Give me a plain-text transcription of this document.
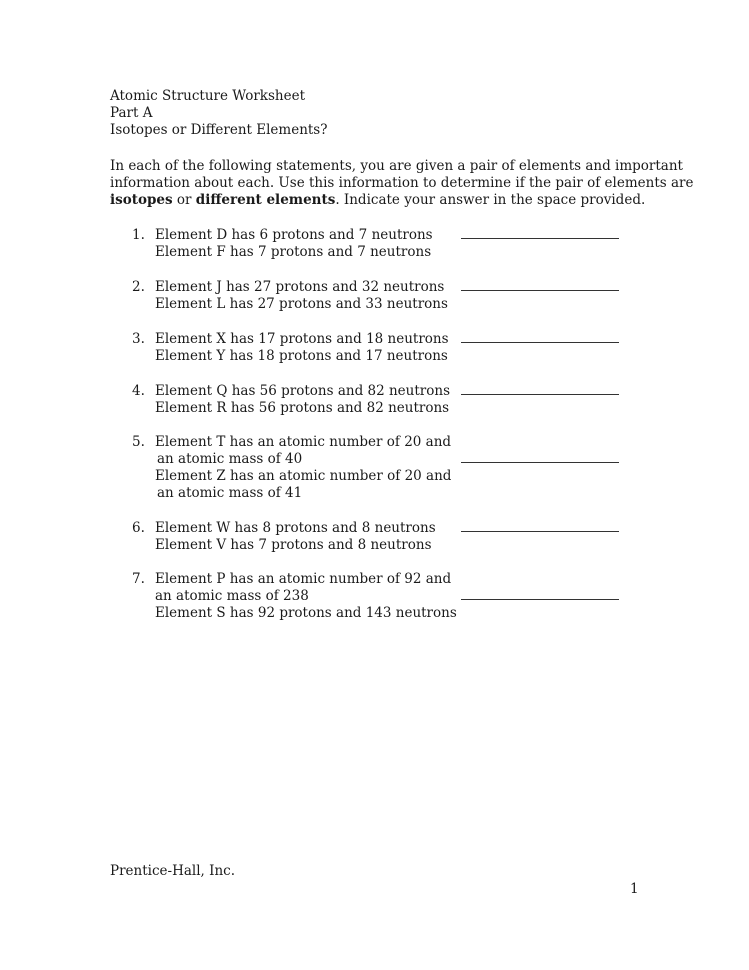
Atomic Structure Worksheet
Part A
Isotopes or Different Elements?
In each of the following statements, you are given a pair of elements and important
information about each. Use this information to determine if the pair of elements are
isotopes or different elements. Indicate your answer in the space provided.
1. Element D has 6 protons and 7 neutrons
Element F has 7 protons and 7 neutrons
2. Element J has 27 protons and 32 neutrons
Element L has 27 protons and 33 neutrons
3. Element X has 17 protons and 18 neutrons
Element Y has 18 protons and 17 neutrons
4. Element Q has 56 protons and 82 neutrons
Element R has 56 protons and 82 neutrons
5. Element T has an atomic number of 20 and
an atomic mass of 40
Element Z has an atomic number of 20 and
an atomic mass of 41
6. Element W has 8 protons and 8 neutrons
Element V has 7 protons and 8 neutrons
7. Element P has an atomic number of 92 and
an atomic mass of 238
Element S has 92 protons and 143 neutrons
Prentice-Hall, Inc.
1
